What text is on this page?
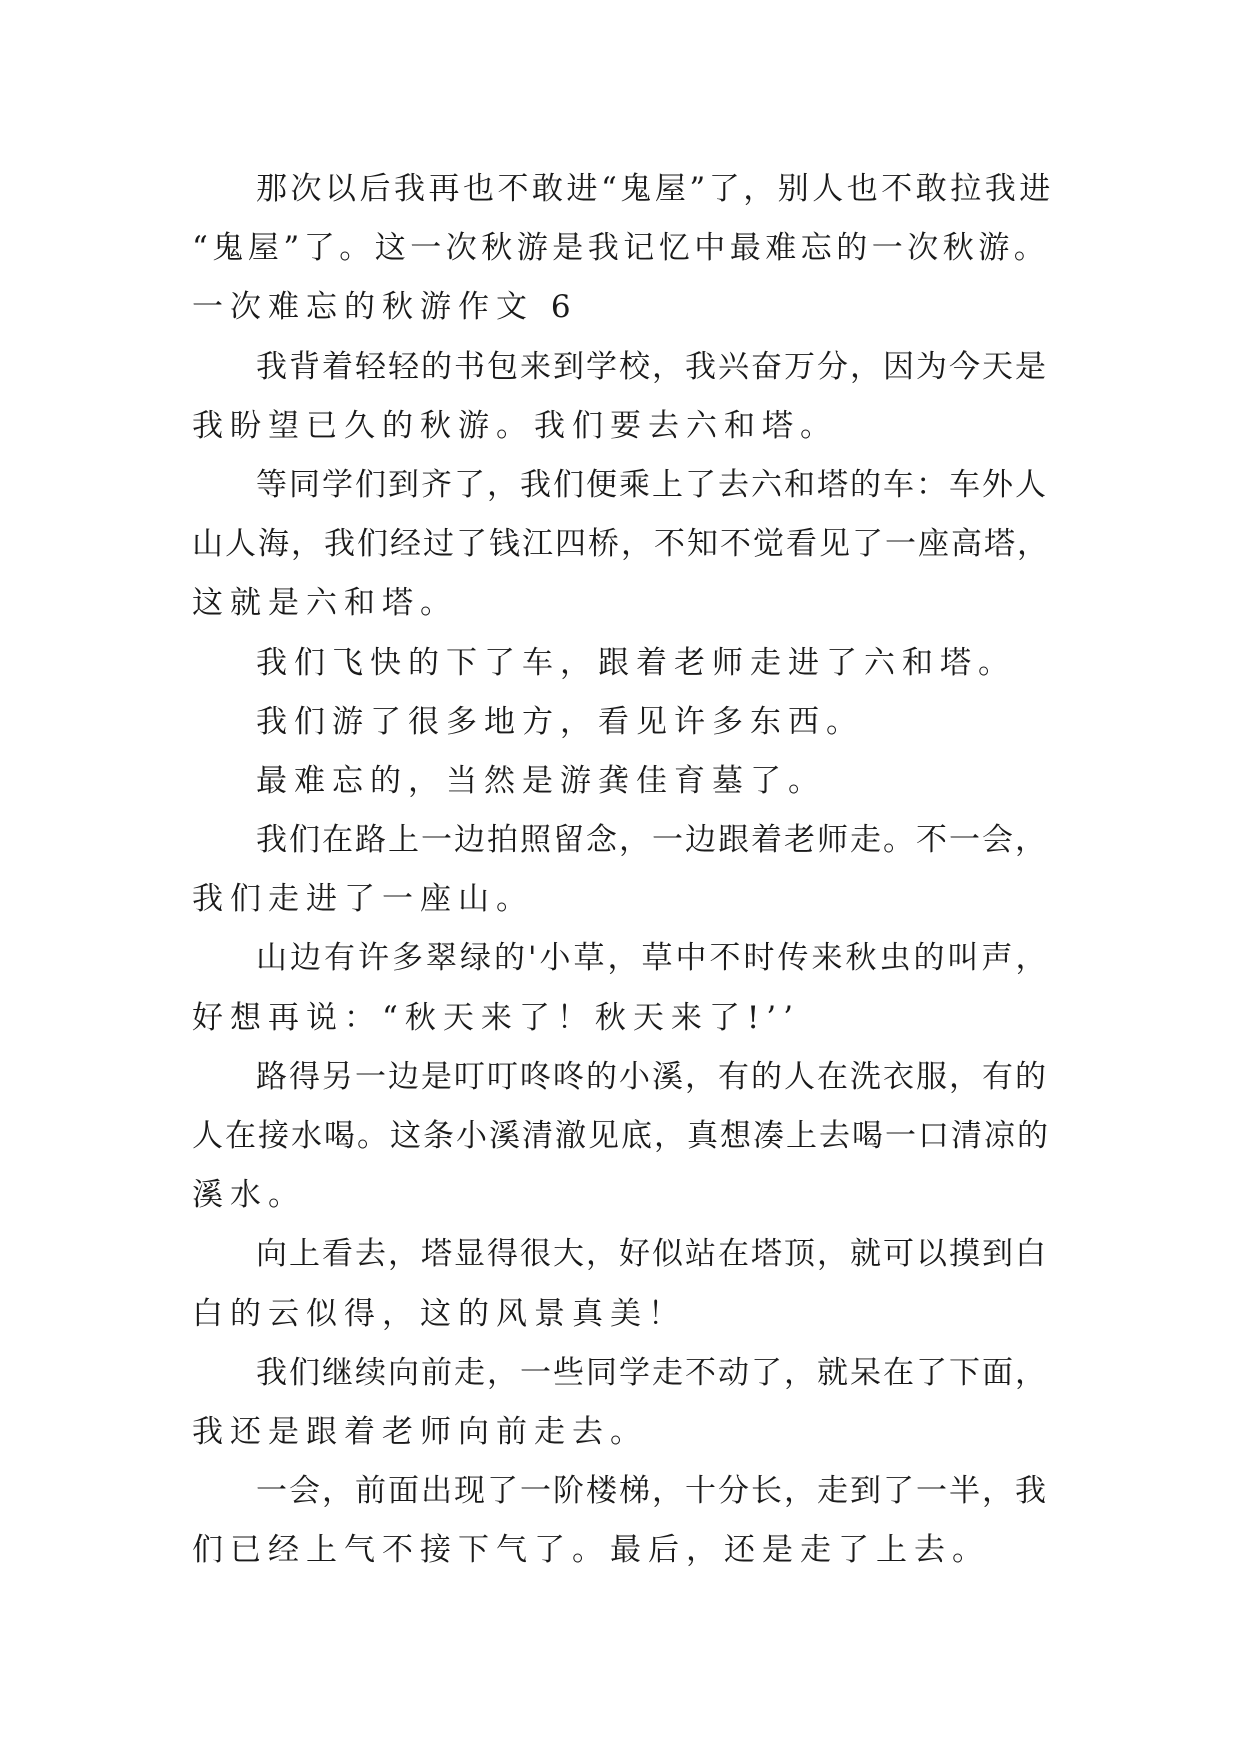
那次以后我再也不敢进“鬼屋”了，别人也不敢拉我进
“鬼屋”了。这一次秋游是我记忆中最难忘的一次秋游。
一次难忘的秋游作文 6
我背着轻轻的书包来到学校，我兴奋万分，因为今天是
我盼望已久的秋游。我们要去六和塔。
等同学们到齐了，我们便乘上了去六和塔的车：车外人
山人海，我们经过了钱江四桥，不知不觉看见了一座高塔，
这就是六和塔。
我们飞快的下了车，跟着老师走进了六和塔。
我们游了很多地方，看见许多东西。
最难忘的，当然是游龚佳育墓了。
我们在路上一边拍照留念，一边跟着老师走。不一会，
我们走进了一座山。
山边有许多翠绿的'小草，草中不时传来秋虫的叫声，
好想再说：“秋天来了！秋天来了!’’
路得另一边是叮叮咚咚的小溪，有的人在洗衣服，有的
人在接水喝。这条小溪清澈见底，真想凑上去喝一口清凉的
溪水。
向上看去，塔显得很大，好似站在塔顶，就可以摸到白
白的云似得，这的风景真美！
我们继续向前走，一些同学走不动了，就呆在了下面，
我还是跟着老师向前走去。
一会，前面出现了一阶楼梯，十分长，走到了一半，我
们已经上气不接下气了。最后，还是走了上去。
